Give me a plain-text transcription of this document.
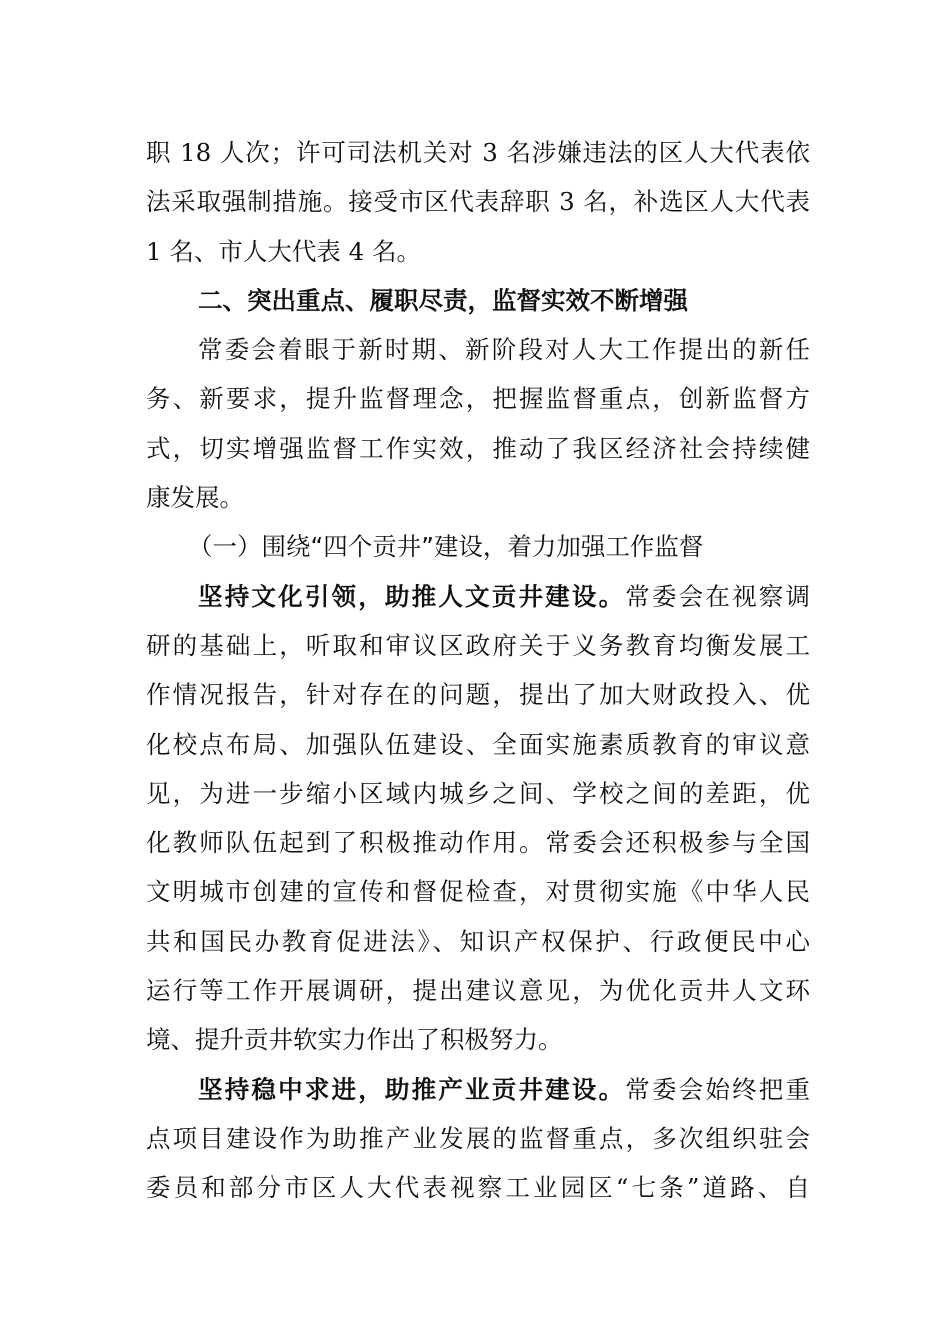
职 18 人次；许可司法机关对 3 名涉嫌违法的区人大代表依
法采取强制措施。接受市区代表辞职 3 名，补选区人大代表
1 名、市人大代表 4 名。
二、突出重点、履职尽责，监督实效不断增强
常委会着眼于新时期、新阶段对人大工作提出的新任
务、新要求，提升监督理念，把握监督重点，创新监督方
式，切实增强监督工作实效，推动了我区经济社会持续健
康发展。
（一）围绕“四个贡井”建设，着力加强工作监督
坚持文化引领，助推人文贡井建设。常委会在视察调
研的基础上，听取和审议区政府关于义务教育均衡发展工
作情况报告，针对存在的问题，提出了加大财政投入、优
化校点布局、加强队伍建设、全面实施素质教育的审议意
见，为进一步缩小区域内城乡之间、学校之间的差距，优
化教师队伍起到了积极推动作用。常委会还积极参与全国
文明城市创建的宣传和督促检查，对贯彻实施《中华人民
共和国民办教育促进法》、知识产权保护、行政便民中心
运行等工作开展调研，提出建议意见，为优化贡井人文环
境、提升贡井软实力作出了积极努力。
坚持稳中求进，助推产业贡井建设。常委会始终把重
点项目建设作为助推产业发展的监督重点，多次组织驻会
委员和部分市区人大代表视察工业园区“七条”道路、自
